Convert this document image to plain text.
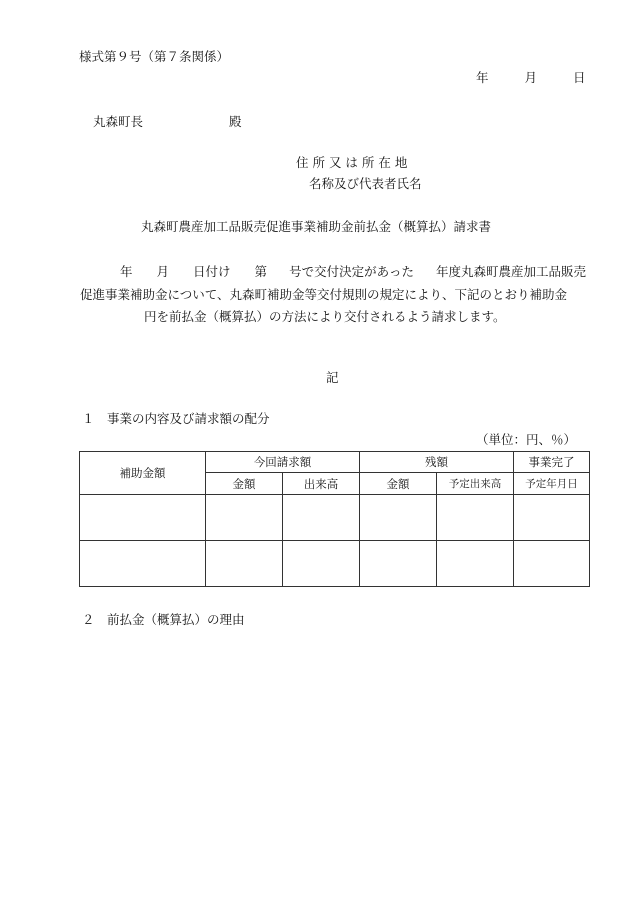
様式第９号（第７条関係）
年	月	日
丸森町長	殿
住 所 又 は 所 在 地
名称及び代表者氏名
丸森町農産加工品販売促進事業補助金前払金（概算払）請求書
年 月 日付け 第 号で交付決定があった 年度丸森町農産加工品販売促進事業補助金について、丸森町補助金等交付規則の規定により、下記のとおり補助金円を前払金（概算払）の方法により交付されるよう請求します。
記
１　事業の内容及び請求額の配分
（単位：円、％）
補助金額	今回請求額		残額		事業完了
	金額	出来高	金額	予定出来高	予定年月日

２　前払金（概算払）の理由
